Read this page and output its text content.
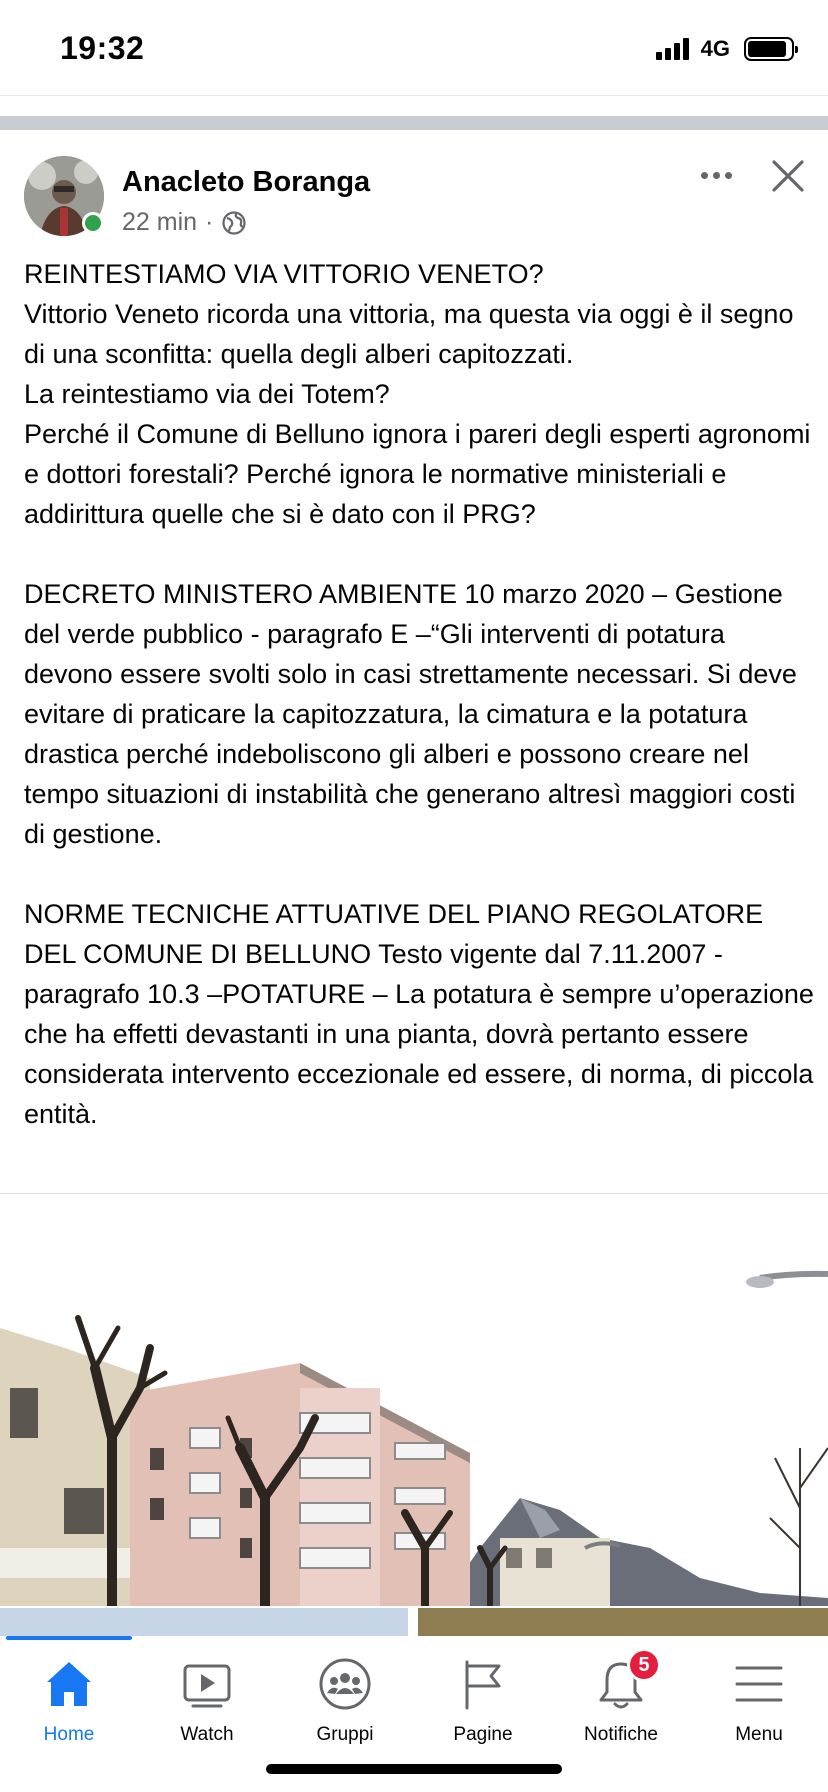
19:32	4G
Anacleto Boranga
22 min ·

REINTESTIAMO VIA VITTORIO VENETO?

Vittorio Veneto ricorda una vittoria, ma questa via oggi è il segno di una sconfitta: quella degli alberi capitozzati.

La reintestiamo via dei Totem?

Perché il Comune di Belluno ignora i pareri degli esperti agronomi e dottori forestali? Perché ignora le normative ministeriali e addirittura quelle che si è dato con il PRG?

DECRETO MINISTERO AMBIENTE 10 marzo 2020 – Gestione del verde pubblico - paragrafo E –“Gli interventi di potatura devono essere svolti solo in casi strettamente necessari. Si deve evitare di praticare la capitozzatura, la cimatura e la potatura drastica perché indeboliscono gli alberi e possono creare nel tempo situazioni di instabilità che generano altresì maggiori costi di gestione.

NORME TECNICHE ATTUATIVE DEL PIANO REGOLATORE DEL COMUNE DI BELLUNO Testo vigente dal 7.11.2007 - paragrafo 10.3 –POTATURE – La potatura è sempre u’operazione che ha effetti devastanti in una pianta, dovrà pertanto essere considerata intervento eccezionale ed essere, di norma, di piccola entità.

Home	Watch	Gruppi	Pagine
5
Notifiche	Menu
